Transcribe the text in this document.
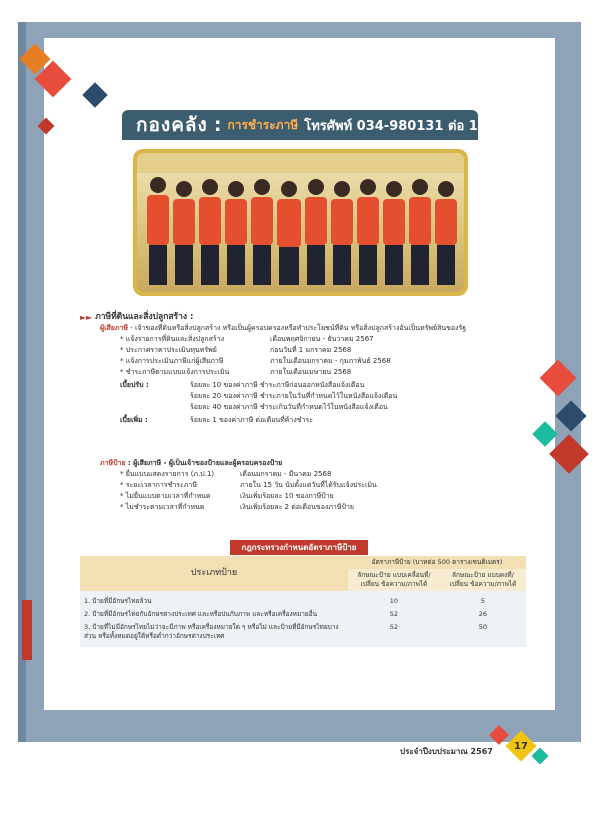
กองคลัง : การชำระภาษี โทรศัพท์ 034-980131 ต่อ 102
►► ภาษีที่ดินและสิ่งปลูกสร้าง :
ผู้เสียภาษี - เจ้าของที่ดินหรือสิ่งปลูกสร้าง หรือเป็นผู้ครอบครองหรือทำประโยชน์ที่ดิน หรือสิ่งปลูกสร้างอันเป็นทรัพย์สินของรัฐ
* แจ้งรายการที่ดินและสิ่งปลูกสร้าง	เดือนพฤศจิกายน - ธันวาคม 2567
* ประกาศราคาประเมินทุนทรัพย์	ก่อนวันที่ 1 มกราคม 2568
* แจ้งการประเมินภาษีแก่ผู้เสียภาษี	ภายในเดือนมกราคม - กุมภาพันธ์ 2568
* ชำระภาษีตามแบบแจ้งการประเมิน	ภายในเดือนเมษายน 2568
เบี้ยปรับ :	ร้อยละ 10 ของค่าภาษี ชำระภาษีก่อนออกหนังสือแจ้งเตือน
ร้อยละ 20 ของค่าภาษี ชำระภายในวันที่กำหนดไว้ในหนังสือแจ้งเตือน
ร้อยละ 40 ของค่าภาษี ชำระเกินวันที่กำหนดไว้ในหนังสือแจ้งเตือน
เบี้ยเพิ่ม :	ร้อยละ 1 ของค่าภาษี ต่อเดือนที่ค้างชำระ
ภาษีป้าย : ผู้เสียภาษี - ผู้เป็นเจ้าของป้ายและผู้ครอบครองป้าย
* ยื่นแบบแสดงรายการ (ภ.ป.1)	เดือนมกราคม - มีนาคม 2568
* ระยะเวลาการชำระภาษี	ภายใน 15 วัน นับตั้งแต่วันที่ได้รับแจ้งประเมิน
* ไม่ยื่นแบบตามเวลาที่กำหนด	เงินเพิ่มร้อยละ 10 ของภาษีป้าย
* ไม่ชำระตามเวลาที่กำหนด	เงินเพิ่มร้อยละ 2 ต่อเดือนของภาษีป้าย
กฎกระทรวงกำหนดอัตราภาษีป้าย
ประเภทป้าย	อัตราภาษีป้าย (บาทต่อ 500 ตารางเซนติเมตร)	
	ลักษณะป้าย แบบเคลื่อนที่/เปลี่ยน ข้อความ/ภาพได้	ลักษณะป้าย แบบคงที่/เปลี่ยน ข้อความ/ภาพได้
1. ป้ายที่มีอักษรไทยล้วน	10	5
2. ป้ายที่มีอักษรไทยกับอักษรต่างประเทศ และหรือปนกับภาพ และหรือเครื่องหมายอื่น	52	26
3. ป้ายที่ไม่มีอักษรไทยไม่ว่าจะมีภาพ หรือเครื่องหมายใด ๆ หรือไม่ และป้ายที่มีอักษรไทยบางส่วน หรือทั้งหมดอยู่ใต้หรือต่ำกว่าอักษรต่างประเทศ	52	50
ประจำปีงบประมาณ 2567	17
